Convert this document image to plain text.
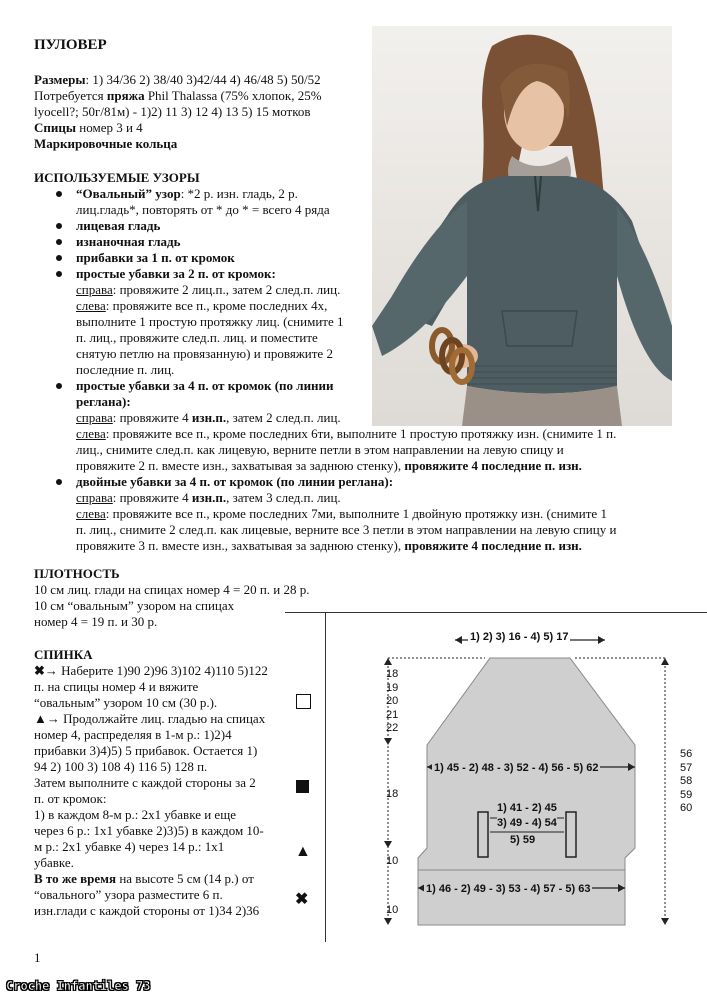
ПУЛОВЕР

Размеры: 1) 34/36 2) 38/40 3)42/44 4) 46/48 5) 50/52

Потребуется пряжа Phil Thalassa (75% хлопок, 25%

lyocell?; 50г/81м) - 1)2) 11 3) 12 4) 13 5) 15 мотков

Спицы номер 3 и 4

Маркировочные кольца

ИСПОЛЬЗУЕМЫЕ УЗОРЫ
“Овальный” узор: *2 р. изн. гладь, 2 р.
лиц.гладь*, повторять от * до * = всего 4 ряда
лицевая гладь
изнаночная гладь
прибавки за 1 п. от кромок
простые убавки за 2 п. от кромок:
справа: провяжите 2 лиц.п., затем 2 след.п. лиц.
слева: провяжите все п., кроме последних 4х,
выполните 1 простую протяжку лиц. (снимите 1
п. лиц., провяжите след.п. лиц. и поместите
снятую петлю на провязанную) и провяжите 2
последние п. лиц.
простые убавки за 4 п. от кромок (по линии
реглана):
справа: провяжите 4 изн.п., затем 2 след.п. лиц.
слева: провяжите все п., кроме последних 6ти, выполните 1 простую протяжку изн. (снимите 1 п.
лиц., снимите след.п. как лицевую, верните петли в этом направлении на левую спицу и
провяжите 2 п. вместе изн., захватывая за заднюю стенку), провяжите 4 последние п. изн.
двойные убавки за 4 п. от кромок (по линии реглана):
справа: провяжите 4 изн.п., затем 3 след.п. лиц.
слева: провяжите все п., кроме последних 7ми, выполните 1 двойную протяжку изн. (снимите 1
п. лиц., снимите 2 след.п. как лицевые, верните все 3 петли в этом направлении на левую спицу и
провяжите 3 п. вместе изн., захватывая за заднюю стенку), провяжите 4 последние п. изн.
ПЛОТНОСТЬ
10 см лиц. глади на спицах номер 4 = 20 п. и 28 р.
10 см “овальным” узором на спицах
номер 4 = 19 п. и 30 р.
СПИНКА
✖→ Наберите 1)90 2)96 3)102 4)110 5)122
п. на спицы номер 4 и вяжите
“овальным” узором 10 см (30 р.).
▲→ Продолжайте лиц. гладью на спицах
номер 4, распределяя в 1-м р.: 1)2)4
прибавки 3)4)5) 5 прибавок. Остается 1)
94 2) 100 3) 108 4) 116 5) 128 п.
Затем выполните с каждой стороны за 2
п. от кромок:
1) в каждом 8-м р.: 2х1 убавке и еще
через 6 р.: 1х1 убавке 2)3)5) в каждом 10-
м р.: 2х1 убавке 4) через 14 р.: 1х1
убавке.
В то же время на высоте 5 см (14 р.) от
“овального” узора разместите 6 п.
изн.глади с каждой стороны от 1)34 2)36
▲
✖
1) 2) 3) 16 - 4) 5) 17
18
19
20
21
22
18
10
10
56
57
58
59
60
1) 45 - 2) 48 - 3) 52 - 4) 56 - 5) 62
1) 41 - 2) 45
3) 49 - 4) 54
5) 59
1) 46 - 2) 49 - 3) 53 - 4) 57 - 5) 63
1
Croche Infantiles 73
